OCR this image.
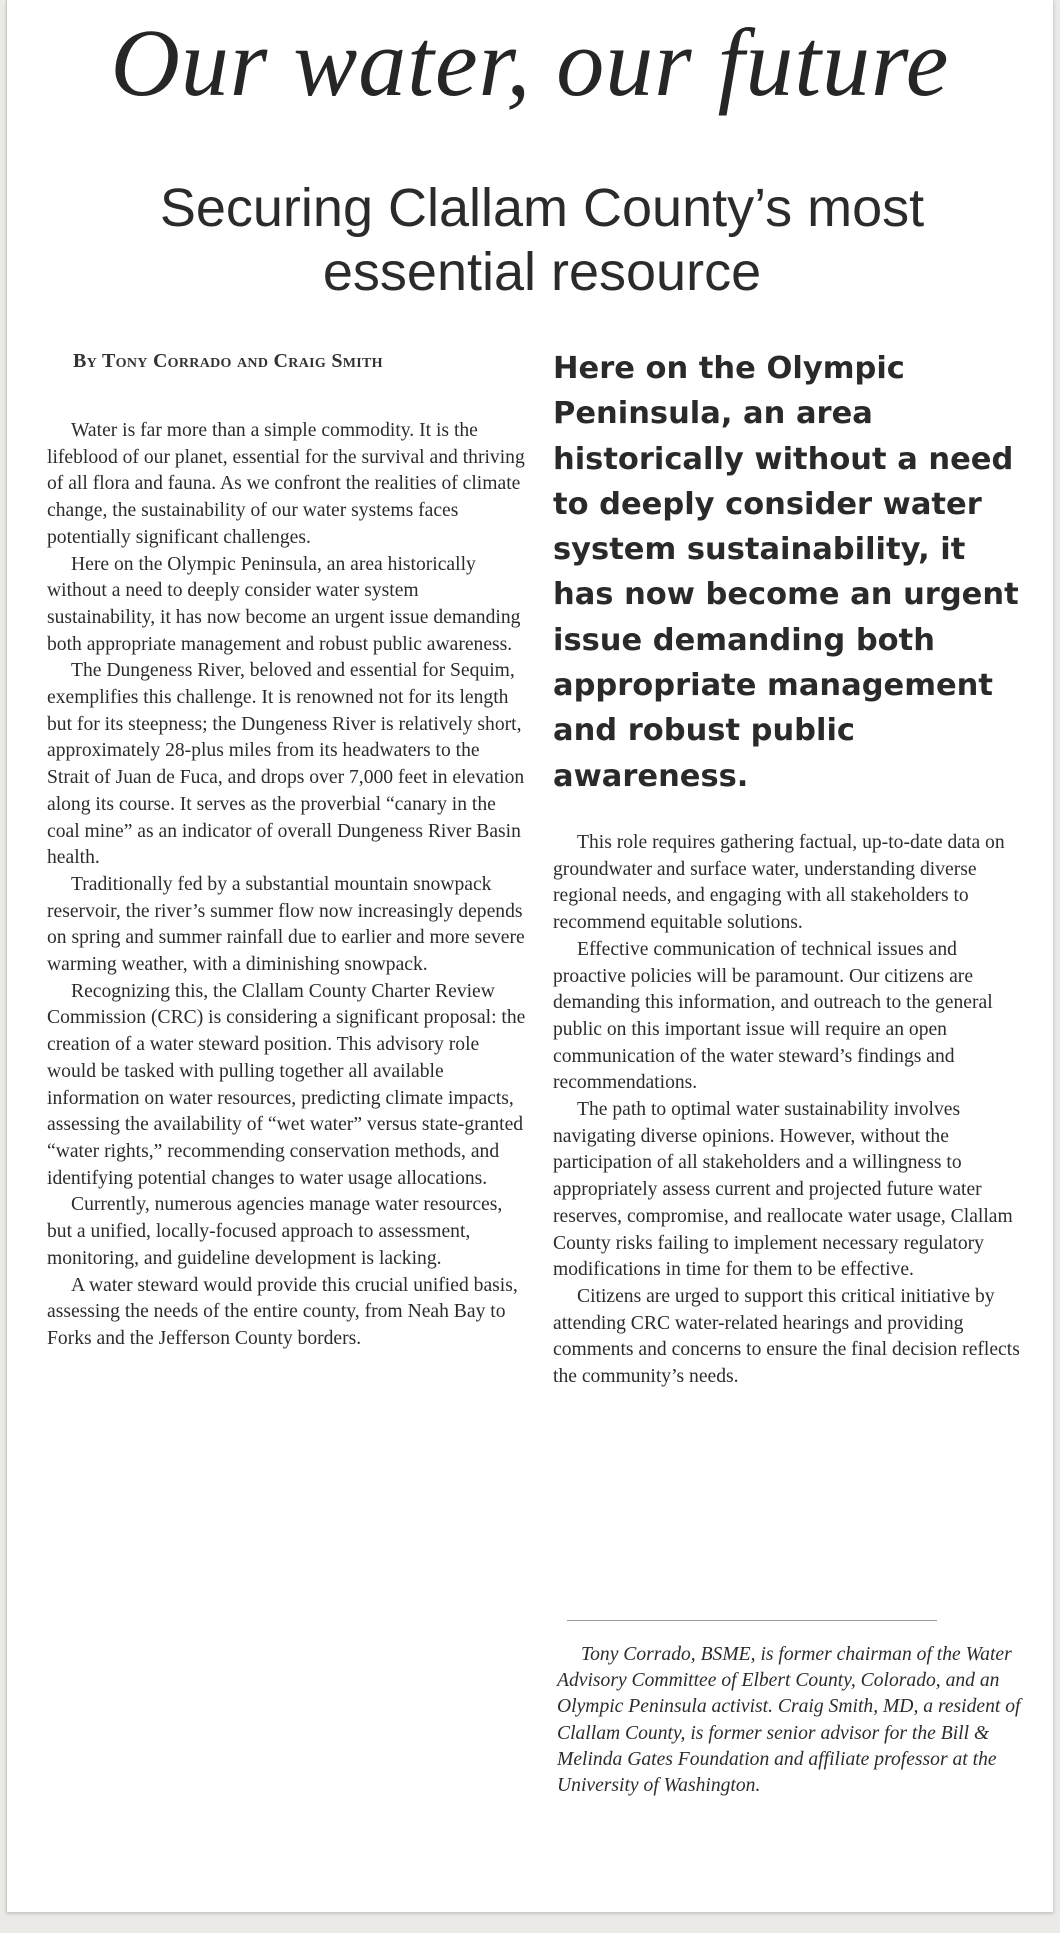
Our water, our future
Securing Clallam County’s most essential resource
By Tony Corrado and Craig Smith

Water is far more than a simple commodity. It is the lifeblood of our planet, essential for the survival and thriving of all flora and fauna. As we confront the realities of climate change, the sustainability of our water systems faces potentially significant challenges.

Here on the Olympic Peninsula, an area historically without a need to deeply consider water system sustainability, it has now become an urgent issue demanding both appropriate management and robust public awareness.

The Dungeness River, beloved and essential for Sequim, exemplifies this challenge. It is renowned not for its length but for its steepness; the Dungeness River is relatively short, approximately 28-plus miles from its headwaters to the Strait of Juan de Fuca, and drops over 7,000 feet in elevation along its course. It serves as the proverbial “canary in the coal mine” as an indicator of overall Dungeness River Basin health.

Traditionally fed by a substantial mountain snowpack reservoir, the river’s summer flow now increasingly depends on spring and summer rainfall due to earlier and more severe warming weather, with a diminishing snowpack.

Recognizing this, the Clallam County Charter Review Commission (CRC) is considering a significant proposal: the creation of a water steward position. This advisory role would be tasked with pulling together all available information on water resources, predicting climate impacts, assessing the availability of “wet water” versus state-granted “water rights,” recommending conservation methods, and identifying potential changes to water usage allocations.

Currently, numerous agencies manage water resources, but a unified, locally-focused approach to assessment, monitoring, and guideline development is lacking.

A water steward would provide this crucial unified basis, assessing the needs of the entire county, from Neah Bay to Forks and the Jefferson County borders.

Here on the Olympic Peninsula, an area historically without a need to deeply consider water system sustainability, it has now become an urgent issue demanding both appropriate management and robust public awareness.

This role requires gathering factual, up-to-date data on groundwater and surface water, understanding diverse regional needs, and engaging with all stakeholders to recommend equitable solutions.

Effective communication of technical issues and proactive policies will be paramount. Our citizens are demanding this information, and outreach to the general public on this important issue will require an open communication of the water steward’s findings and recommendations.

The path to optimal water sustainability involves navigating diverse opinions. However, without the participation of all stakeholders and a willingness to appropriately assess current and projected future water reserves, compromise, and reallocate water usage, Clallam County risks failing to implement necessary regulatory modifications in time for them to be effective.

Citizens are urged to support this critical initiative by attending CRC water-related hearings and providing comments and concerns to ensure the final decision reflects the community’s needs.

Tony Corrado, BSME, is former chairman of the Water Advisory Committee of Elbert County, Colorado, and an Olympic Peninsula activist. Craig Smith, MD, a resident of Clallam County, is former senior advisor for the Bill & Melinda Gates Foundation and affiliate professor at the University of Washington.
